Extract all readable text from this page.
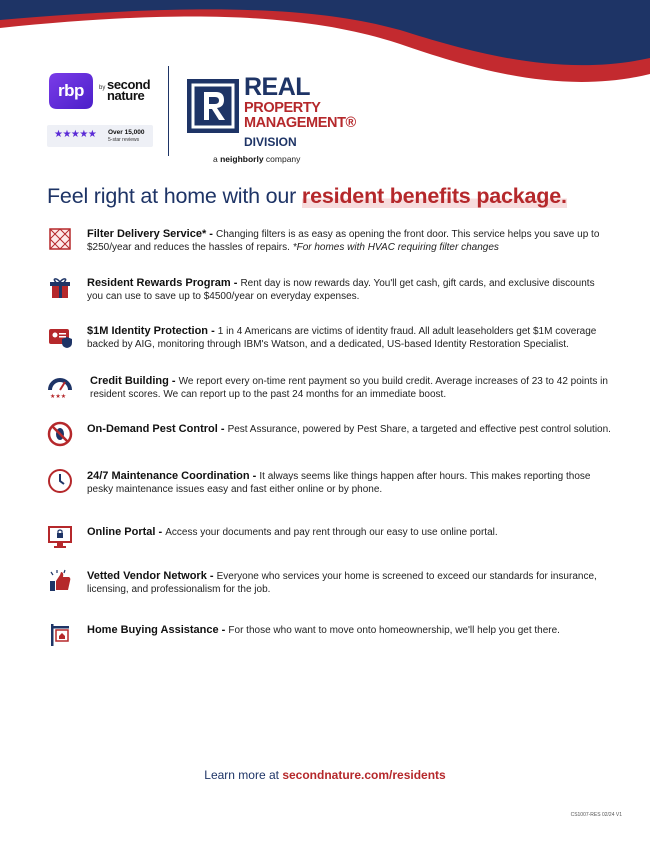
rbp	by second nature
★★★★★ Over 15,000
5-star reviews
REAL
PROPERTY
MANAGEMENT®
DIVISION
a neighborly company
Feel right at home with our resident benefits package.
Filter Delivery Service* - Changing filters is as easy as opening the front door. This service helps you save up to $250/year and reduces the hassles of repairs. *For homes with HVAC requiring filter changes
Resident Rewards Program - Rent day is now rewards day. You'll get cash, gift cards, and exclusive discounts you can use to save up to $4500/year on everyday expenses.
$1M Identity Protection - 1 in 4 Americans are victims of identity fraud. All adult leaseholders get $1M coverage backed by AIG, monitoring through IBM's Watson, and a dedicated, US-based Identity Restoration Specialist.
★★★
Credit Building - We report every on-time rent payment so you build credit. Average increases of 23 to 42 points in resident scores. We can report up to the past 24 months for an immediate boost.
On-Demand Pest Control - Pest Assurance, powered by Pest Share, a targeted and effective pest control solution.
24/7 Maintenance Coordination - It always seems like things happen after hours. This makes reporting those pesky maintenance issues easy and fast either online or by phone.
Online Portal - Access your documents and pay rent through our easy to use online portal.
Vetted Vendor Network - Everyone who services your home is screened to exceed our standards for insurance, licensing, and professionalism for the job.
Home Buying Assistance - For those who want to move onto homeownership, we'll help you get there.
Learn more at secondnature.com/residents
CS1007-RES 02/24 V1
